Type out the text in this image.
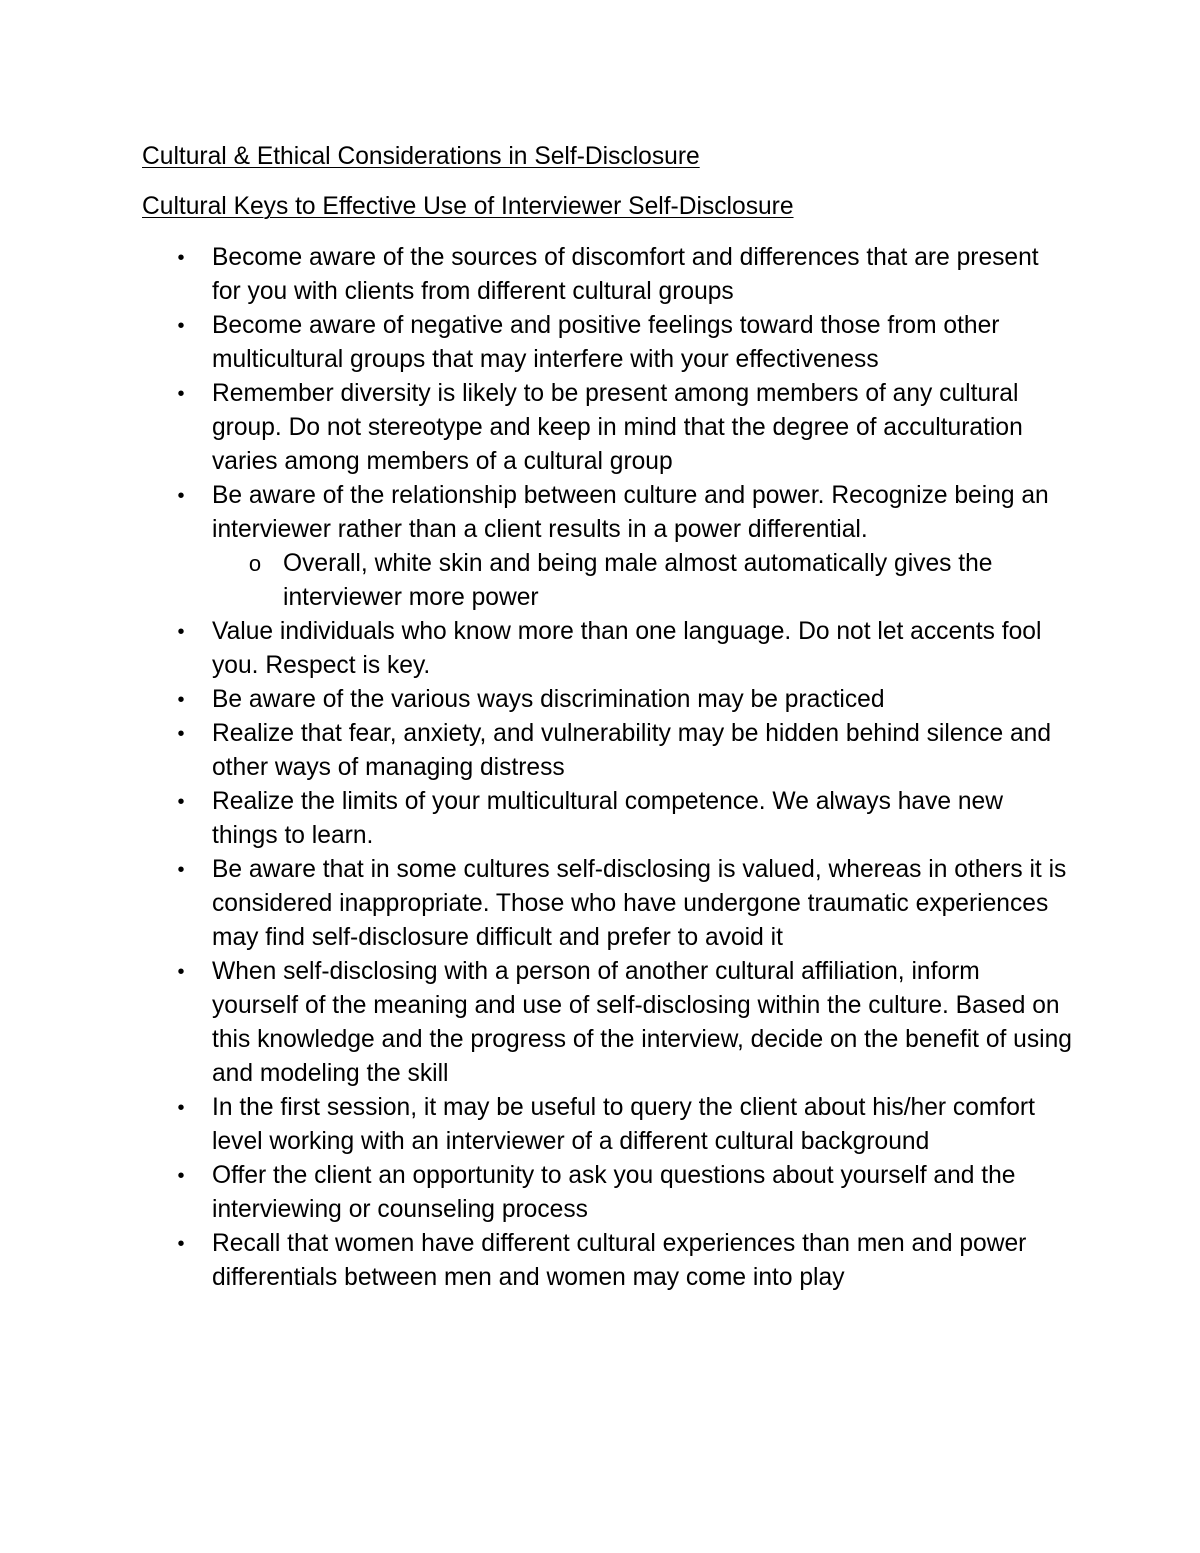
Cultural & Ethical Considerations in Self-Disclosure
Cultural Keys to Effective Use of Interviewer Self-Disclosure
• Become aware of the sources of discomfort and differences that are present for you with clients from different cultural groups
• Become aware of negative and positive feelings toward those from other multicultural groups that may interfere with your effectiveness
• Remember diversity is likely to be present among members of any cultural group. Do not stereotype and keep in mind that the degree of acculturation varies among members of a cultural group
• Be aware of the relationship between culture and power. Recognize being an interviewer rather than a client results in a power differential.
o Overall, white skin and being male almost automatically gives the interviewer more power
• Value individuals who know more than one language. Do not let accents fool you. Respect is key.
• Be aware of the various ways discrimination may be practiced
• Realize that fear, anxiety, and vulnerability may be hidden behind silence and other ways of managing distress
• Realize the limits of your multicultural competence. We always have new things to learn.
• Be aware that in some cultures self-disclosing is valued, whereas in others it is considered inappropriate. Those who have undergone traumatic experiences may find self-disclosure difficult and prefer to avoid it
• When self-disclosing with a person of another cultural affiliation, inform yourself of the meaning and use of self-disclosing within the culture. Based on this knowledge and the progress of the interview, decide on the benefit of using and modeling the skill
• In the first session, it may be useful to query the client about his/her comfort level working with an interviewer of a different cultural background
• Offer the client an opportunity to ask you questions about yourself and the interviewing or counseling process
• Recall that women have different cultural experiences than men and power differentials between men and women may come into play
